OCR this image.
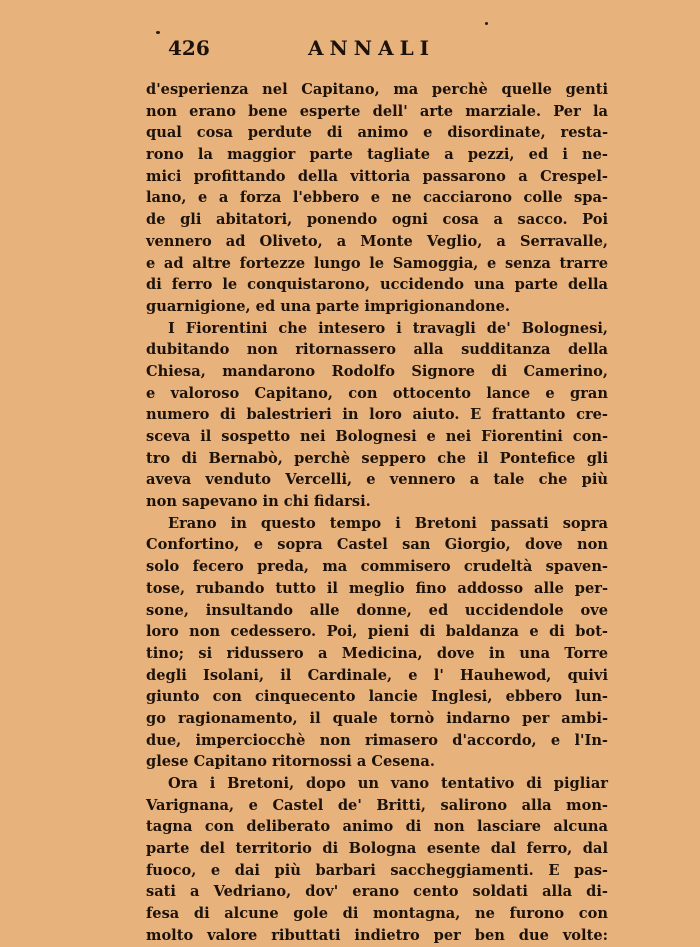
426	ANNALI
d'esperienza nel Capitano, ma perchè quelle genti
non erano bene esperte dell' arte marziale. Per la
qual cosa perdute di animo e disordinate, resta-
rono la maggior parte tagliate a pezzi, ed i ne-
mici profittando della vittoria passarono a Crespel-
lano, e a forza l'ebbero e ne cacciarono colle spa-
de gli abitatori, ponendo ogni cosa a sacco. Poi
vennero ad Oliveto, a Monte Veglio, a Serravalle,
e ad altre fortezze lungo le Samoggia, e senza trarre
di ferro le conquistarono, uccidendo una parte della
guarnigione, ed una parte imprigionandone.
I Fiorentini che intesero i travagli de' Bolognesi,
dubitando non ritornassero alla sudditanza della
Chiesa, mandarono Rodolfo Signore di Camerino,
e valoroso Capitano, con ottocento lance e gran
numero di balestrieri in loro aiuto. E frattanto cre-
sceva il sospetto nei Bolognesi e nei Fiorentini con-
tro di Bernabò, perchè seppero che il Pontefice gli
aveva venduto Vercelli, e vennero a tale che più
non sapevano in chi fidarsi.
Erano in questo tempo i Bretoni passati sopra
Confortino, e sopra Castel san Giorgio, dove non
solo fecero preda, ma commisero crudeltà spaven-
tose, rubando tutto il meglio fino addosso alle per-
sone, insultando alle donne, ed uccidendole ove
loro non cedessero. Poi, pieni di baldanza e di bot-
tino; si ridussero a Medicina, dove in una Torre
degli Isolani, il Cardinale, e l' Hauhewod, quivi
giunto con cinquecento lancie Inglesi, ebbero lun-
go ragionamento, il quale tornò indarno per ambi-
due, imperciocchè non rimasero d'accordo, e l'In-
glese Capitano ritornossi a Cesena.
Ora i Bretoni, dopo un vano tentativo di pigliar
Varignana, e Castel de' Britti, salirono alla mon-
tagna con deliberato animo di non lasciare alcuna
parte del territorio di Bologna esente dal ferro, dal
fuoco, e dai più barbari saccheggiamenti. E pas-
sati a Vedriano, dov' erano cento soldati alla di-
fesa di alcune gole di montagna, ne furono con
molto valore ributtati indietro per ben due volte:
